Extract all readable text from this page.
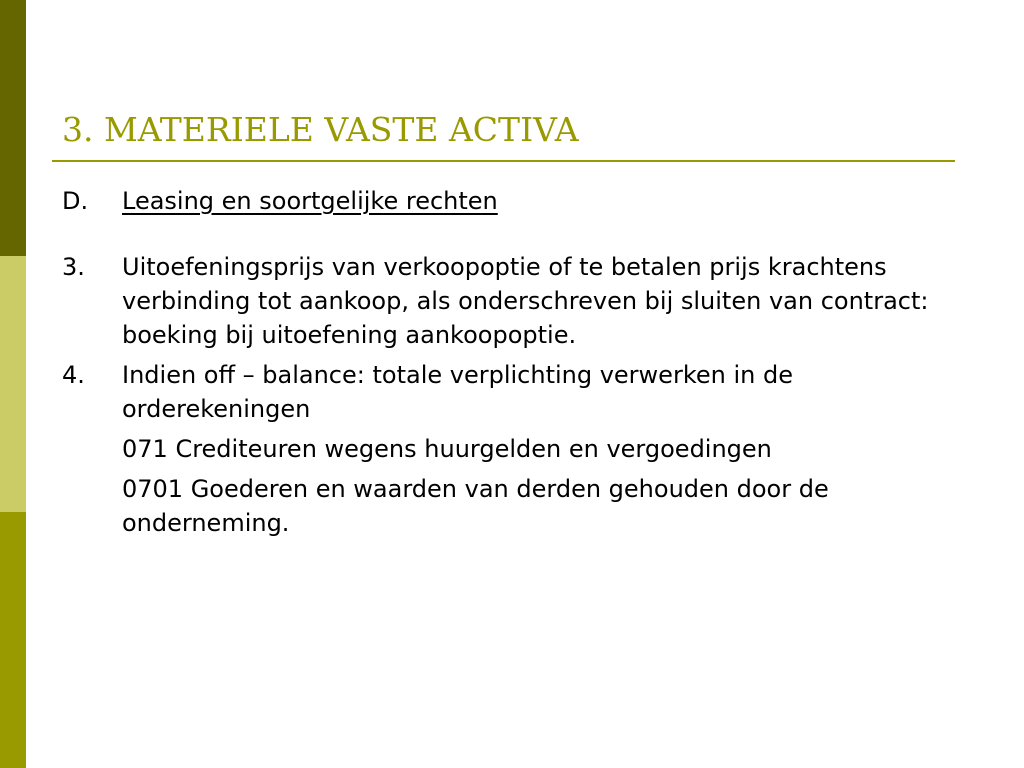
3. MATERIELE VASTE ACTIVA
D.	Leasing en soortgelijke rechten
3.	Uitoefeningsprijs van verkoopoptie of te betalen prijs krachtens verbinding tot aankoop, als onderschreven bij sluiten van contract: boeking bij uitoefening aankoopoptie.
4.	Indien off – balance: totale verplichting verwerken in de orderekeningen
071 Crediteuren wegens huurgelden en vergoedingen
0701 Goederen en waarden van derden gehouden door de onderneming.
